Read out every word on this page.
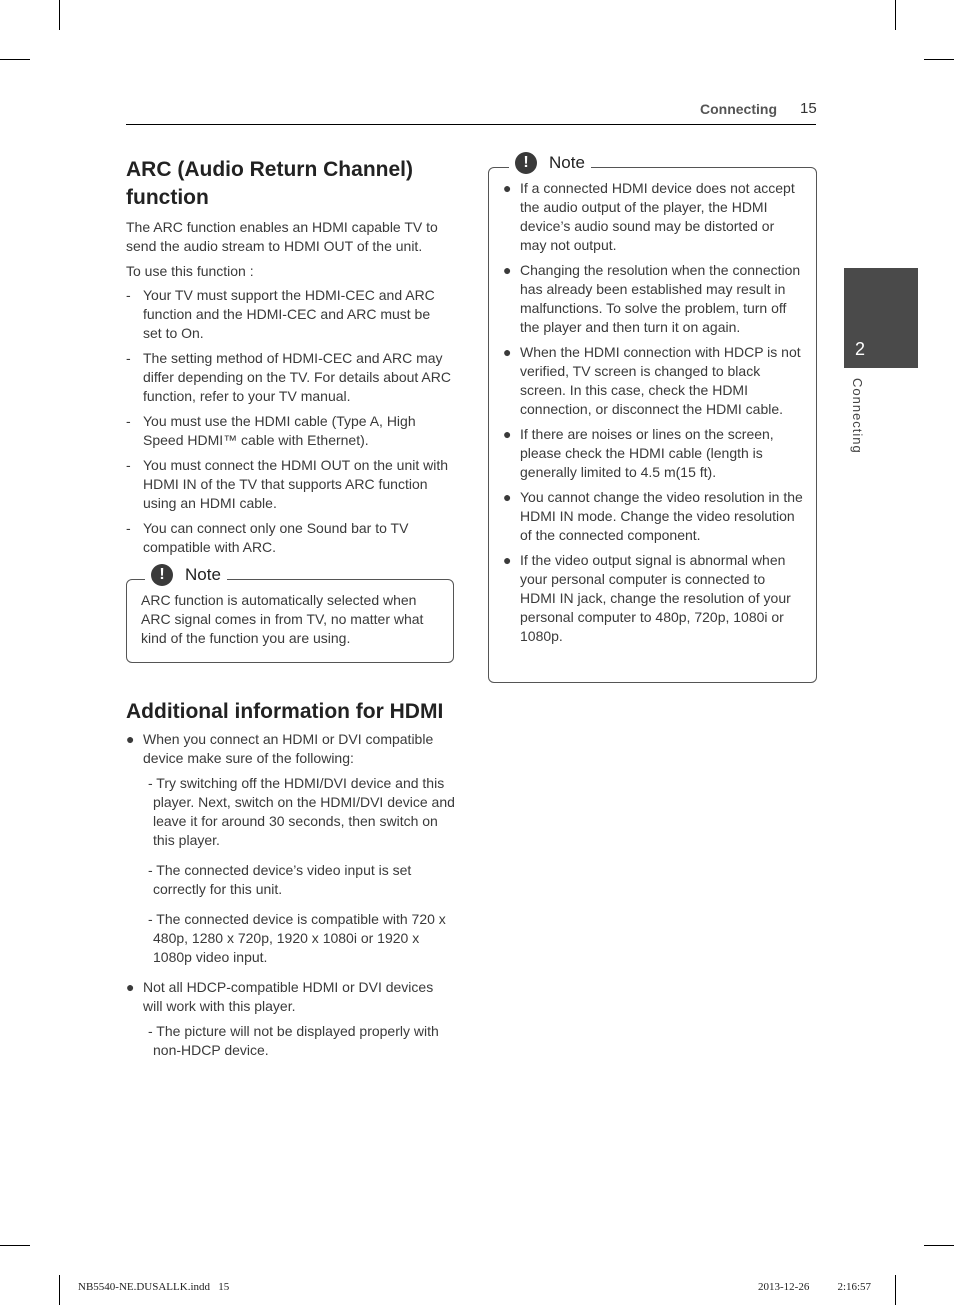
Connecting 15
2
Connecting
ARC (Audio Return Channel) function

The ARC function enables an HDMI capable TV to send the audio stream to HDMI OUT of the unit.

To use this function :

- Your TV must support the HDMI-CEC and ARC function and the HDMI-CEC and ARC must be set to On.
- The setting method of HDMI-CEC and ARC may differ depending on the TV. For details about ARC function, refer to your TV manual.
- You must use the HDMI cable (Type A, High Speed HDMI™ cable with Ethernet).
- You must connect the HDMI OUT on the unit with HDMI IN of the TV that supports ARC function using an HDMI cable.
- You can connect only one Sound bar to TV compatible with ARC.
!	Note

ARC function is automatically selected when ARC signal comes in from TV, no matter what kind of the function you are using.

Additional information for HDMI
● When you connect an HDMI or DVI compatible device make sure of the following:
- Try switching off the HDMI/DVI device and this player. Next, switch on the HDMI/DVI device and leave it for around 30 seconds, then switch on this player.
- The connected device’s video input is set correctly for this unit.
- The connected device is compatible with 720 x 480p, 1280 x 720p, 1920 x 1080i or 1920 x 1080p video input.
● Not all HDCP-compatible HDMI or DVI devices will work with this player.
- The picture will not be displayed properly with non-HDCP device.
!	Note
● If a connected HDMI device does not accept the audio output of the player, the HDMI device’s audio sound may be distorted or may not output.
● Changing the resolution when the connection has already been established may result in malfunctions. To solve the problem, turn off the player and then turn it on again.
● When the HDMI connection with HDCP is not verified, TV screen is changed to black screen. In this case, check the HDMI connection, or disconnect the HDMI cable.
● If there are noises or lines on the screen, please check the HDMI cable (length is generally limited to 4.5 m(15 ft).
● You cannot change the video resolution in the HDMI IN mode. Change the video resolution of the connected component.
● If the video output signal is abnormal when your personal computer is connected to HDMI IN jack, change the resolution of your personal computer to 480p, 720p, 1080i or 1080p.
NB5540-NE.DUSALLK.indd   15	2013-12-26   ￿￿ 2:16:57
